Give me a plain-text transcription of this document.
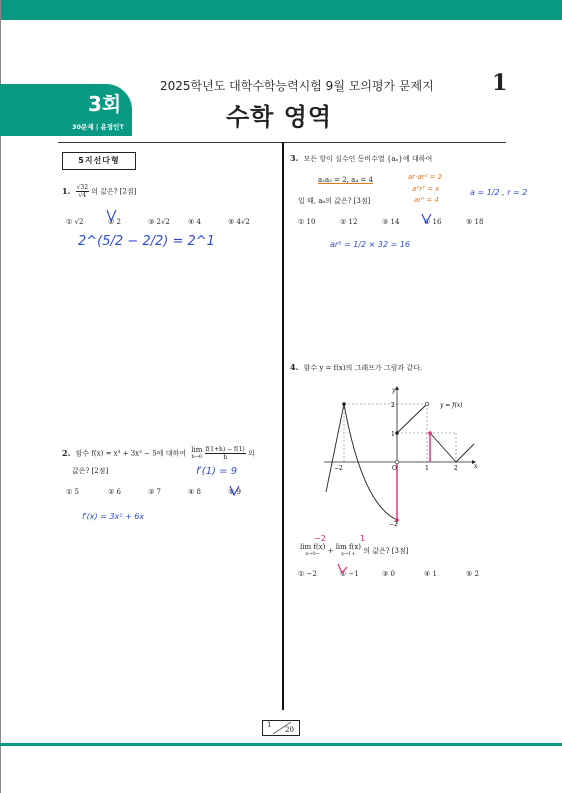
2025학년도 대학수학능력시험 9월 모의평가 문제지	1
수학 영역
3회
30문제 | 윤정인T
5지선다형
1. $\frac{√32}{√4}$ 의 값은? [2점]
① √2	② 2	③ 2√2	④ 4	⑤ 4√2
2^(5/2 − 2/2) = 2^1
2. 함수 f(x) = x³ + 3x² − 5에 대하여 lim
h→0
$\frac{f(1+h) - f(1)}{h}$ 의
값은? [2점]
① 5	② 6	③ 7	④ 8	⑤ 9
f′(1) = 9
f′(x) = 3x² + 6x
3. 모든 항이 실수인 등비수열 {aₙ}에 대하여
a₂a₃ = 2, a₄ = 4
일 때, a₆의 값은? [3점]
① 10	② 12	③ 14	④ 16	⑤ 18
ar·ar² = 2
a²r³ = x
ar³ = 4
a = 1/2 , r = 2
ar⁵ = 1/2 × 32 = 16
4. 함수 y = f(x)의 그래프가 그림과 같다.
y = f(x)
y
x
O
−2	1	2
2
1
−2
−2	1
lim f(x)
x→0−	+ lim f(x)
x→1+	의 값은? [3점]
① −2	② −1	③ 0	④ 1	⑤ 2
1
20
